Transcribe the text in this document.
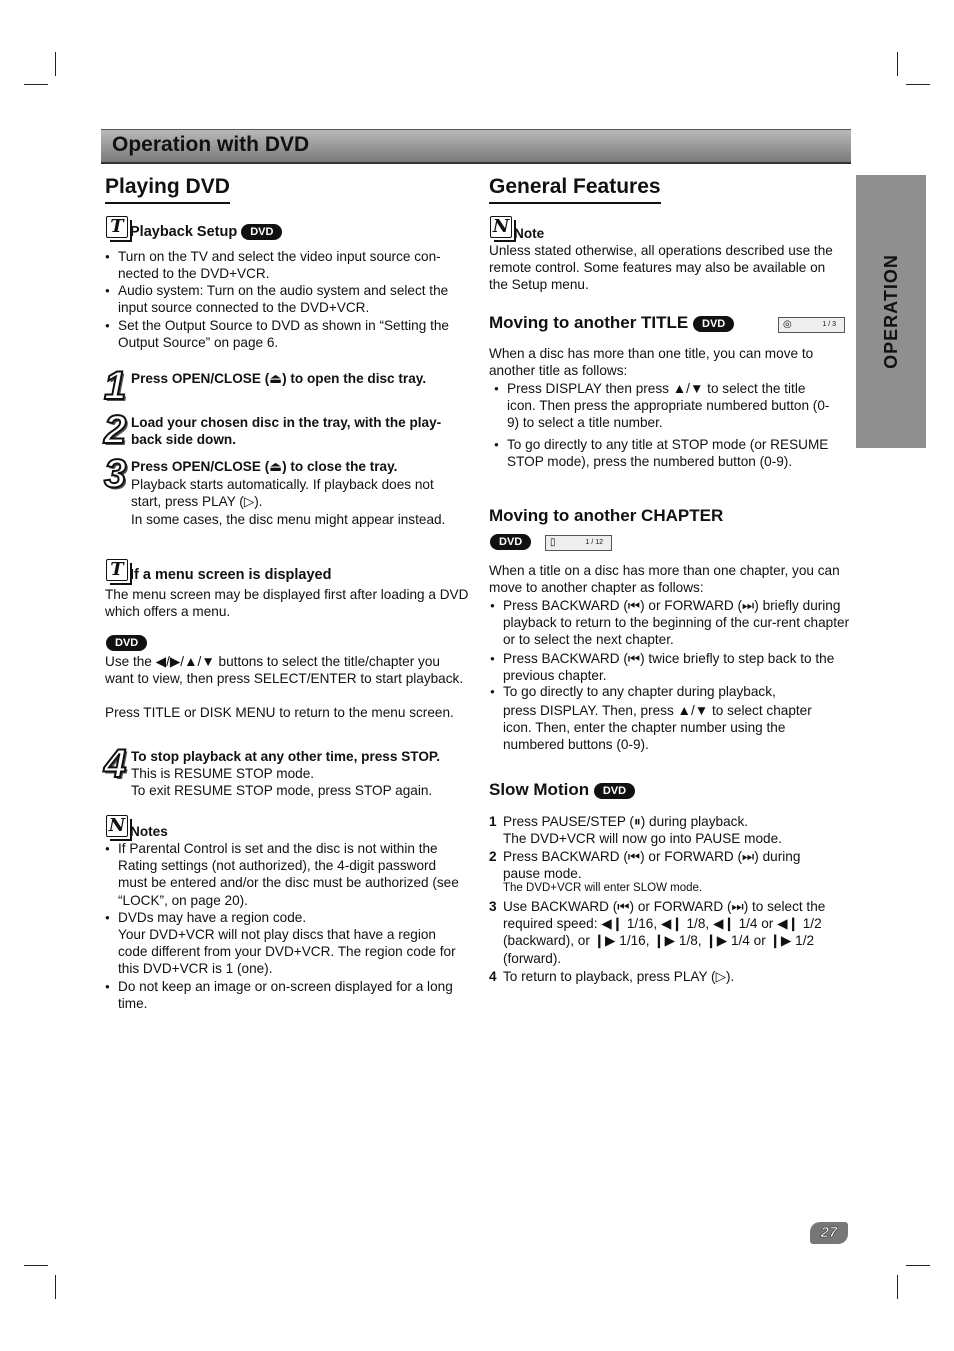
Operation with DVD
OPERATION
Playing DVD
T Playback Setup DVD
● Turn on the TV and select the video input source con-nected to the DVD+VCR.
● Audio system: Turn on the audio system and select the input source connected to the DVD+VCR.
● Set the Output Source to DVD as shown in “Setting the Output Source” on page 6.
1 Press OPEN/CLOSE (⏏) to open the disc tray.
2 Load your chosen disc in the tray, with the play-back side down.
3 Press OPEN/CLOSE (⏏) to close the tray.
Playback starts automatically. If playback does not start, press PLAY (▷).
In some cases, the disc menu might appear instead.
T If a menu screen is displayed
The menu screen may be displayed first after loading a DVD which offers a menu.
DVD
Use the ◀/▶/▲/▼ buttons to select the title/chapter you want to view, then press SELECT/ENTER to start playback.
Press TITLE or DISK MENU to return to the menu screen.
4 To stop playback at any other time, press STOP.
This is RESUME STOP mode.
To exit RESUME STOP mode, press STOP again.
N Notes
● If Parental Control is set and the disc is not within the Rating settings (not authorized), the 4-digit password must be entered and/or the disc must be authorized (see “LOCK”, on page 20).
● DVDs may have a region code.
Your DVD+VCR will not play discs that have a region code different from your DVD+VCR. The region code for this DVD+VCR is 1 (one).
● Do not keep an image or on-screen displayed for a long time.
General Features
N Note
Unless stated otherwise, all operations described use the remote control. Some features may also be available on the Setup menu.
Moving to another TITLE DVD	◎	1 / 3
When a disc has more than one title, you can move to another title as follows:
● Press DISPLAY then press ▲/▼ to select the title icon. Then press the appropriate numbered button (0-9) to select a title number.
● To go directly to any title at STOP mode (or RESUME STOP mode), press the numbered button (0-9).
Moving to another CHAPTER
DVD	▯	1 / 12
When a title on a disc has more than one chapter, you can move to another chapter as follows:
● Press BACKWARD (⏮) or FORWARD (⏭) briefly during playback to return to the beginning of the cur-rent chapter or to select the next chapter.
● Press BACKWARD (⏮) twice briefly to step back to the previous chapter.
● To go directly to any chapter during playback,
press DISPLAY. Then, press ▲/▼ to select chapter icon. Then, enter the chapter number using the numbered buttons (0-9).
Slow Motion DVD
1 Press PAUSE/STEP (⏸) during playback.
The DVD+VCR will now go into PAUSE mode.
2 Press BACKWARD (⏮) or FORWARD (⏭) during pause mode.
The DVD+VCR will enter SLOW mode.
3 Use BACKWARD (⏮) or FORWARD (⏭) to select the required speed: ◀❙ 1/16, ◀❙ 1/8, ◀❙ 1/4 or ◀❙ 1/2 (backward), or ❙▶ 1/16, ❙▶ 1/8, ❙▶ 1/4 or ❙▶ 1/2 (forward).
4 To return to playback, press PLAY (▷).
27
